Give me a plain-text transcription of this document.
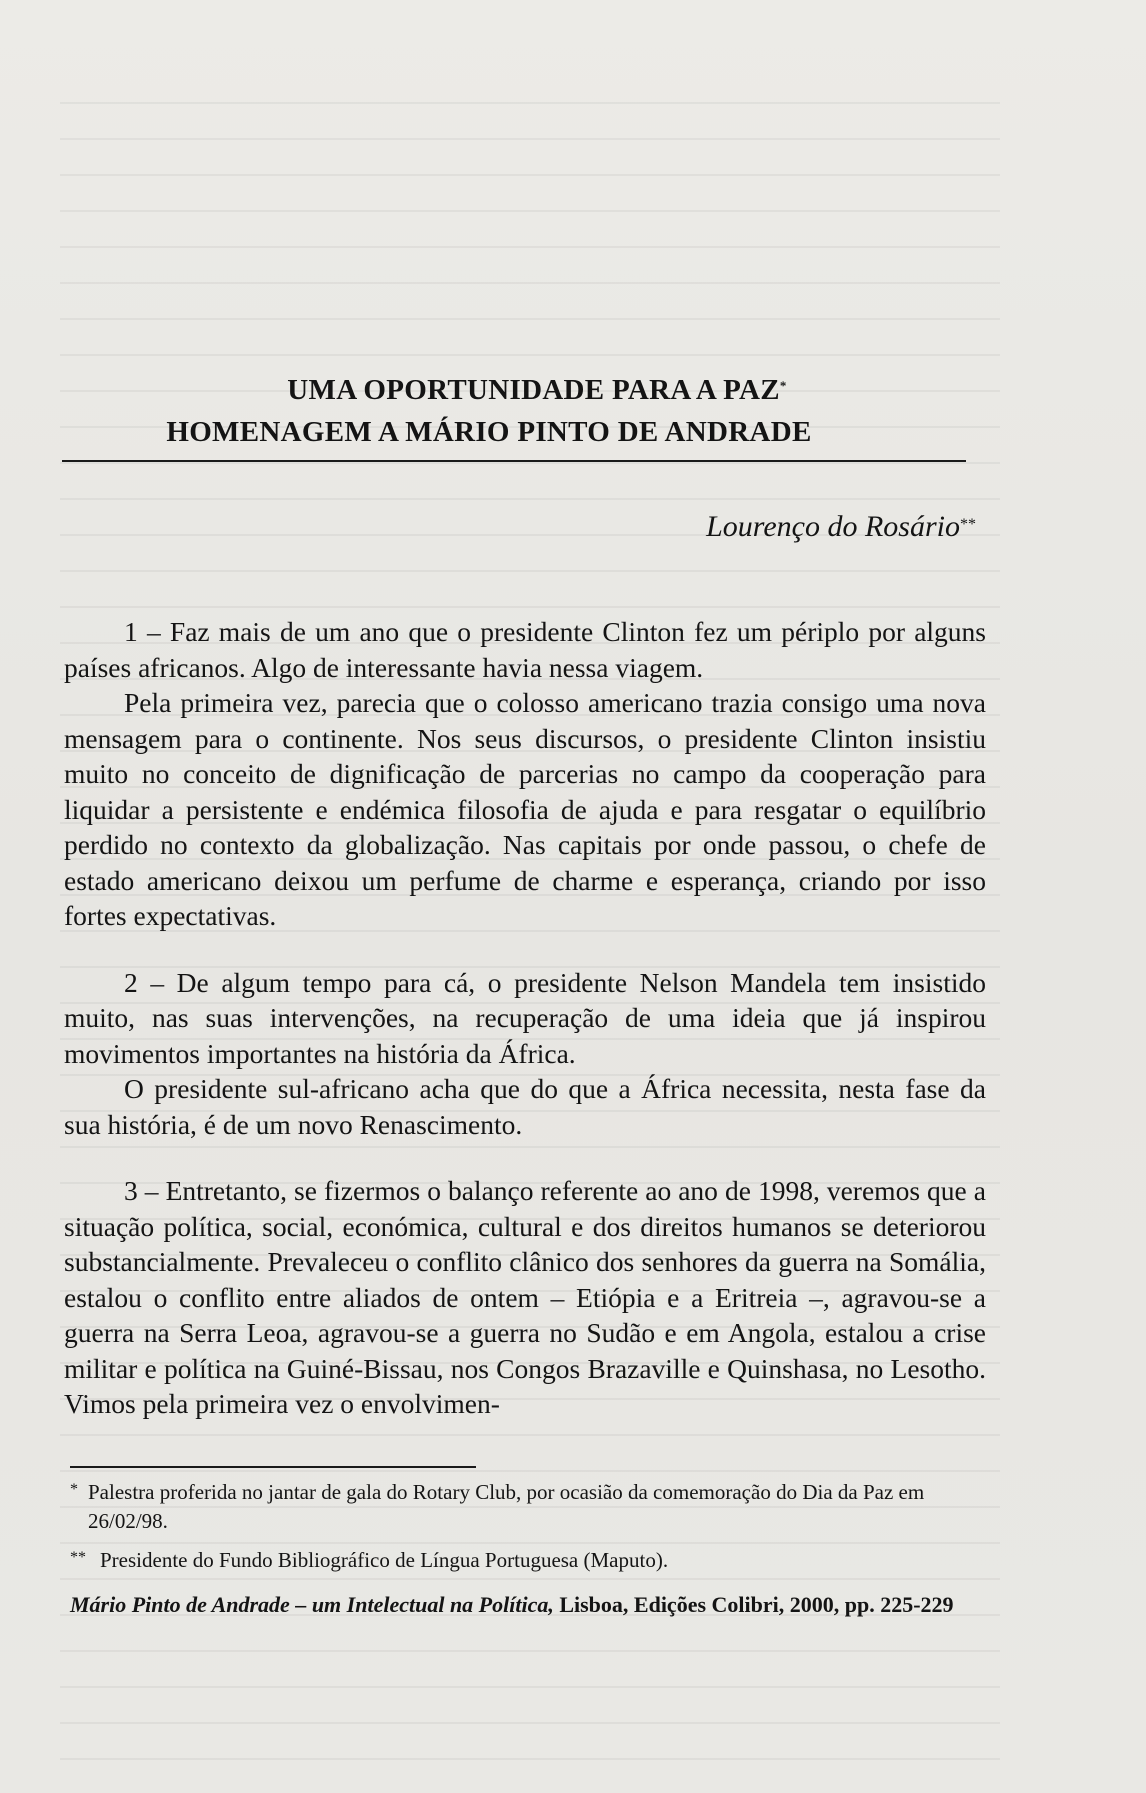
UMA OPORTUNIDADE PARA A PAZ*
HOMENAGEM A MÁRIO PINTO DE ANDRADE
Lourenço do Rosário**

1 – Faz mais de um ano que o presidente Clinton fez um périplo por alguns países africanos. Algo de interessante havia nessa viagem.

Pela primeira vez, parecia que o colosso americano trazia consigo uma nova mensagem para o continente. Nos seus discursos, o presidente Clinton insistiu muito no conceito de dignificação de parcerias no campo da cooperação para liquidar a persistente e endémica filosofia de ajuda e para resgatar o equilíbrio perdido no contexto da globalização. Nas capitais por onde passou, o chefe de estado americano deixou um perfume de charme e esperança, criando por isso fortes expectativas.

2 – De algum tempo para cá, o presidente Nelson Mandela tem insistido muito, nas suas intervenções, na recuperação de uma ideia que já inspirou movimentos importantes na história da África.

O presidente sul-africano acha que do que a África necessita, nesta fase da sua história, é de um novo Renascimento.

3 – Entretanto, se fizermos o balanço referente ao ano de 1998, veremos que a situação política, social, económica, cultural e dos direitos humanos se deteriorou substancialmente. Prevaleceu o conflito clânico dos senhores da guerra na Somália, estalou o conflito entre aliados de ontem – Etiópia e a Eritreia –, agravou-se a guerra na Serra Leoa, agravou-se a guerra no Sudão e em Angola, estalou a crise militar e política na Guiné-Bissau, nos Congos Brazaville e Quinshasa, no Lesotho. Vimos pela primeira vez o envolvimen-

* Palestra proferida no jantar de gala do Rotary Club, por ocasião da comemoração do Dia da Paz em 26/02/98.
** Presidente do Fundo Bibliográfico de Língua Portuguesa (Maputo).
Mário Pinto de Andrade – um Intelectual na Política, Lisboa, Edições Colibri, 2000, pp. 225-229
